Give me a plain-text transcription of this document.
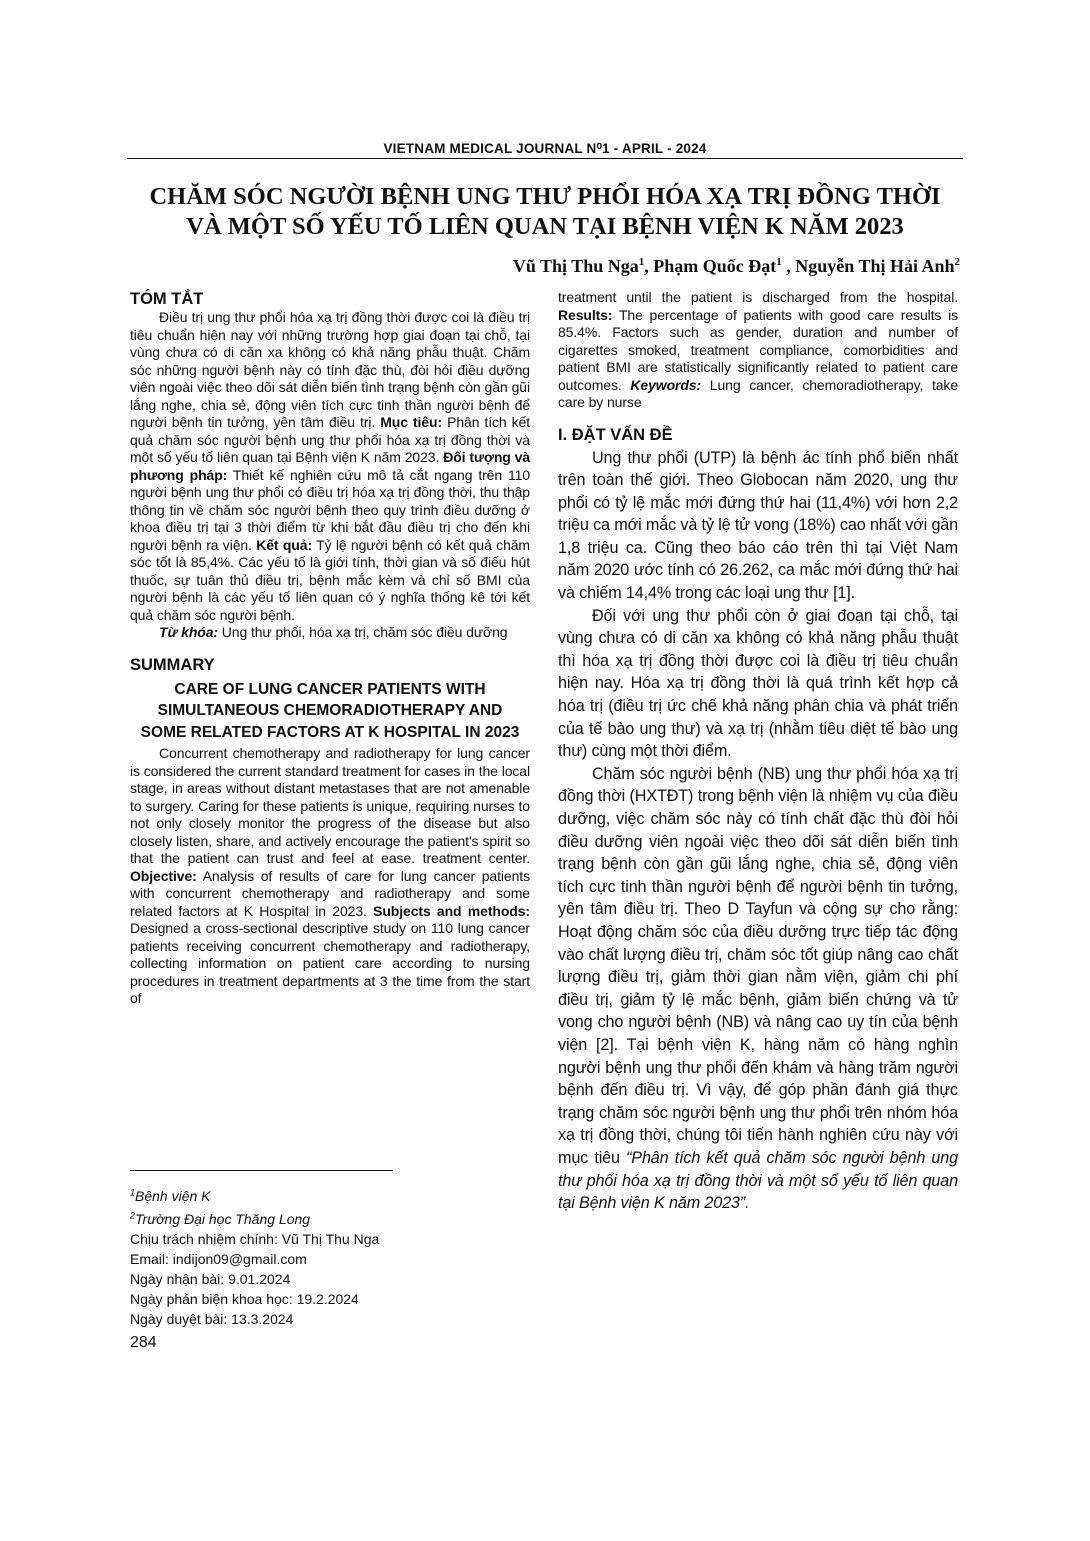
VIETNAM MEDICAL JOURNAL N⁰1 - APRIL - 2024
CHĂM SÓC NGƯỜI BỆNH UNG THƯ PHỔI HÓA XẠ TRỊ ĐỒNG THỜI
VÀ MỘT SỐ YẾU TỐ LIÊN QUAN TẠI BỆNH VIỆN K NĂM 2023
Vũ Thị Thu Nga$^1$, Phạm Quốc Đạt$^1$ , Nguyễn Thị Hải Anh$^2$
TÓM TẮT

Điều trị ung thư phổi hóa xạ trị đồng thời được coi là điều trị tiêu chuẩn hiện nay với những trường hợp giai đoạn tại chỗ, tại vùng chưa có di căn xa không có khả năng phẫu thuật. Chăm sóc những người bệnh này có tính đặc thù, đòi hỏi điều dưỡng viên ngoài việc theo dõi sát diễn biến tình trạng bệnh còn gần gũi lắng nghe, chia sẻ, động viên tích cực tinh thần người bệnh để người bệnh tin tưởng, yên tâm điều trị. Mục tiêu: Phân tích kết quả chăm sóc người bệnh ung thư phổi hóa xạ trị đồng thời và một số yếu tố liên quan tại Bệnh viện K năm 2023. Đối tượng và phương pháp: Thiết kế nghiên cứu mô tả cắt ngang trên 110 người bệnh ung thư phổi có điều trị hóa xạ trị đồng thời, thu thập thông tin về chăm sóc người bệnh theo quy trình điều dưỡng ở khoa điều trị tại 3 thời điểm từ khi bắt đầu điều trị cho đến khi người bệnh ra viện. Kết quả: Tỷ lệ người bệnh có kết quả chăm sóc tốt là 85,4%. Các yếu tố là giới tính, thời gian và số điếu hút thuốc, sự tuân thủ điều trị, bệnh mắc kèm và chỉ số BMI của người bệnh là các yếu tố liên quan có ý nghĩa thống kê tới kết quả chăm sóc người bệnh.

Từ khóa: Ung thư phổi, hóa xạ trị, chăm sóc điều dưỡng

SUMMARY
CARE OF LUNG CANCER PATIENTS WITH SIMULTANEOUS CHEMORADIOTHERAPY AND SOME RELATED FACTORS AT K HOSPITAL IN 2023

Concurrent chemotherapy and radiotherapy for lung cancer is considered the current standard treatment for cases in the local stage, in areas without distant metastases that are not amenable to surgery. Caring for these patients is unique, requiring nurses to not only closely monitor the progress of the disease but also closely listen, share, and actively encourage the patient's spirit so that the patient can trust and feel at ease. treatment center. Objective: Analysis of results of care for lung cancer patients with concurrent chemotherapy and radiotherapy and some related factors at K Hospital in 2023. Subjects and methods: Designed a cross-sectional descriptive study on 110 lung cancer patients receiving concurrent chemotherapy and radiotherapy, collecting information on patient care according to nursing procedures in treatment departments at 3 the time from the start of

$^1$Bệnh viện K
$^2$Trường Đại học Thăng Long
Chịu trách nhiệm chính: Vũ Thị Thu Nga
Email: indijon09@gmail.com
Ngày nhận bài: 9.01.2024
Ngày phản biện khoa học: 19.2.2024
Ngày duyệt bài: 13.3.2024
284

treatment until the patient is discharged from the hospital. Results: The percentage of patients with good care results is 85.4%. Factors such as gender, duration and number of cigarettes smoked, treatment compliance, comorbidities and patient BMI are statistically significantly related to patient care outcomes. Keywords: Lung cancer, chemoradiotherapy, take care by nurse

I. ĐẶT VẤN ĐỀ

Ung thư phổi (UTP) là bệnh ác tính phổ biến nhất trên toàn thế giới. Theo Globocan năm 2020, ung thư phổi có tỷ lệ mắc mới đứng thứ hai (11,4%) với hơn 2,2 triệu ca mới mắc và tỷ lệ tử vong (18%) cao nhất với gần 1,8 triệu ca. Cũng theo báo cáo trên thì tại Việt Nam năm 2020 ước tính có 26.262, ca mắc mới đứng thứ hai và chiếm 14,4% trong các loại ung thư [1].

Đối với ung thư phổi còn ở giai đoạn tại chỗ, tại vùng chưa có di căn xa không có khả năng phẫu thuật thì hóa xạ trị đồng thời được coi là điều trị tiêu chuẩn hiện nay. Hóa xạ trị đồng thời là quá trình kết hợp cả hóa trị (điều trị ức chế khả năng phân chia và phát triển của tế bào ung thư) và xạ trị (nhằm tiêu diệt tế bào ung thư) cùng một thời điểm.

Chăm sóc người bệnh (NB) ung thư phổi hóa xạ trị đồng thời (HXTĐT) trong bệnh viện là nhiệm vụ của điều dưỡng, việc chăm sóc này có tính chất đặc thù đòi hỏi điều dưỡng viên ngoài việc theo dõi sát diễn biến tình trạng bệnh còn gần gũi lắng nghe, chia sẻ, động viên tích cực tinh thần người bệnh để người bệnh tin tưởng, yên tâm điều trị. Theo D Tayfun và cộng sự cho rằng: Hoạt động chăm sóc của điều dưỡng trực tiếp tác động vào chất lượng điều trị, chăm sóc tốt giúp nâng cao chất lượng điều trị, giảm thời gian nằm viện, giảm chi phí điều trị, giảm tỷ lệ mắc bệnh, giảm biến chứng và tử vong cho người bệnh (NB) và nâng cao uy tín của bệnh viện [2]. Tại bệnh viện K, hàng năm có hàng nghìn người bệnh ung thư phổi đến khám và hàng trăm người bệnh đến điều trị. Vì vậy, để góp phần đánh giá thực trạng chăm sóc người bệnh ung thư phổi trên nhóm hóa xạ trị đồng thời, chúng tôi tiến hành nghiên cứu này với mục tiêu “Phân tích kết quả chăm sóc người bệnh ung thư phổi hóa xạ trị đồng thời và một số yếu tố liên quan tại Bệnh viện K năm 2023”.
